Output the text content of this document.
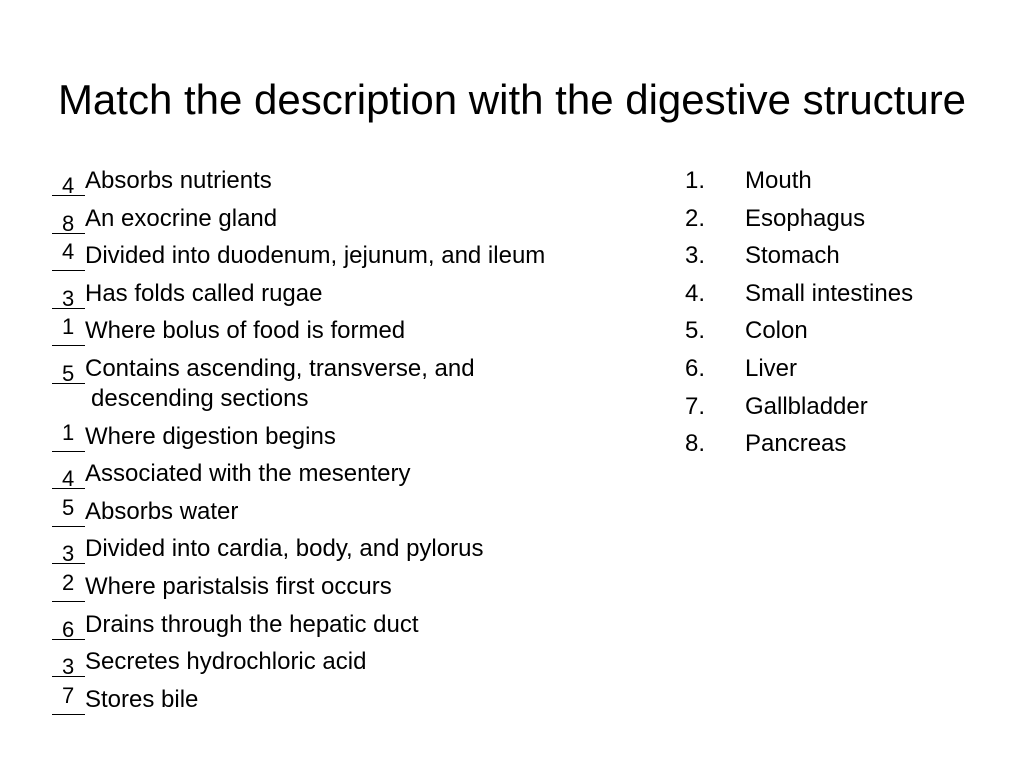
Match the description with the digestive structure
4 Absorbs nutrients
8 An exocrine gland
4 Divided into duodenum, jejunum, and ileum
3 Has folds called rugae
1 Where bolus of food is formed
5 Contains ascending, transverse, and
descending sections
1 Where digestion begins
4 Associated with the mesentery
5 Absorbs water
3 Divided into cardia, body, and pylorus
2 Where paristalsis first occurs
6 Drains through the hepatic duct
3 Secretes hydrochloric acid
7 Stores bile
1.	Mouth
2.	Esophagus
3.	Stomach
4.	Small intestines
5.	Colon
6.	Liver
7.	Gallbladder
8.	Pancreas
